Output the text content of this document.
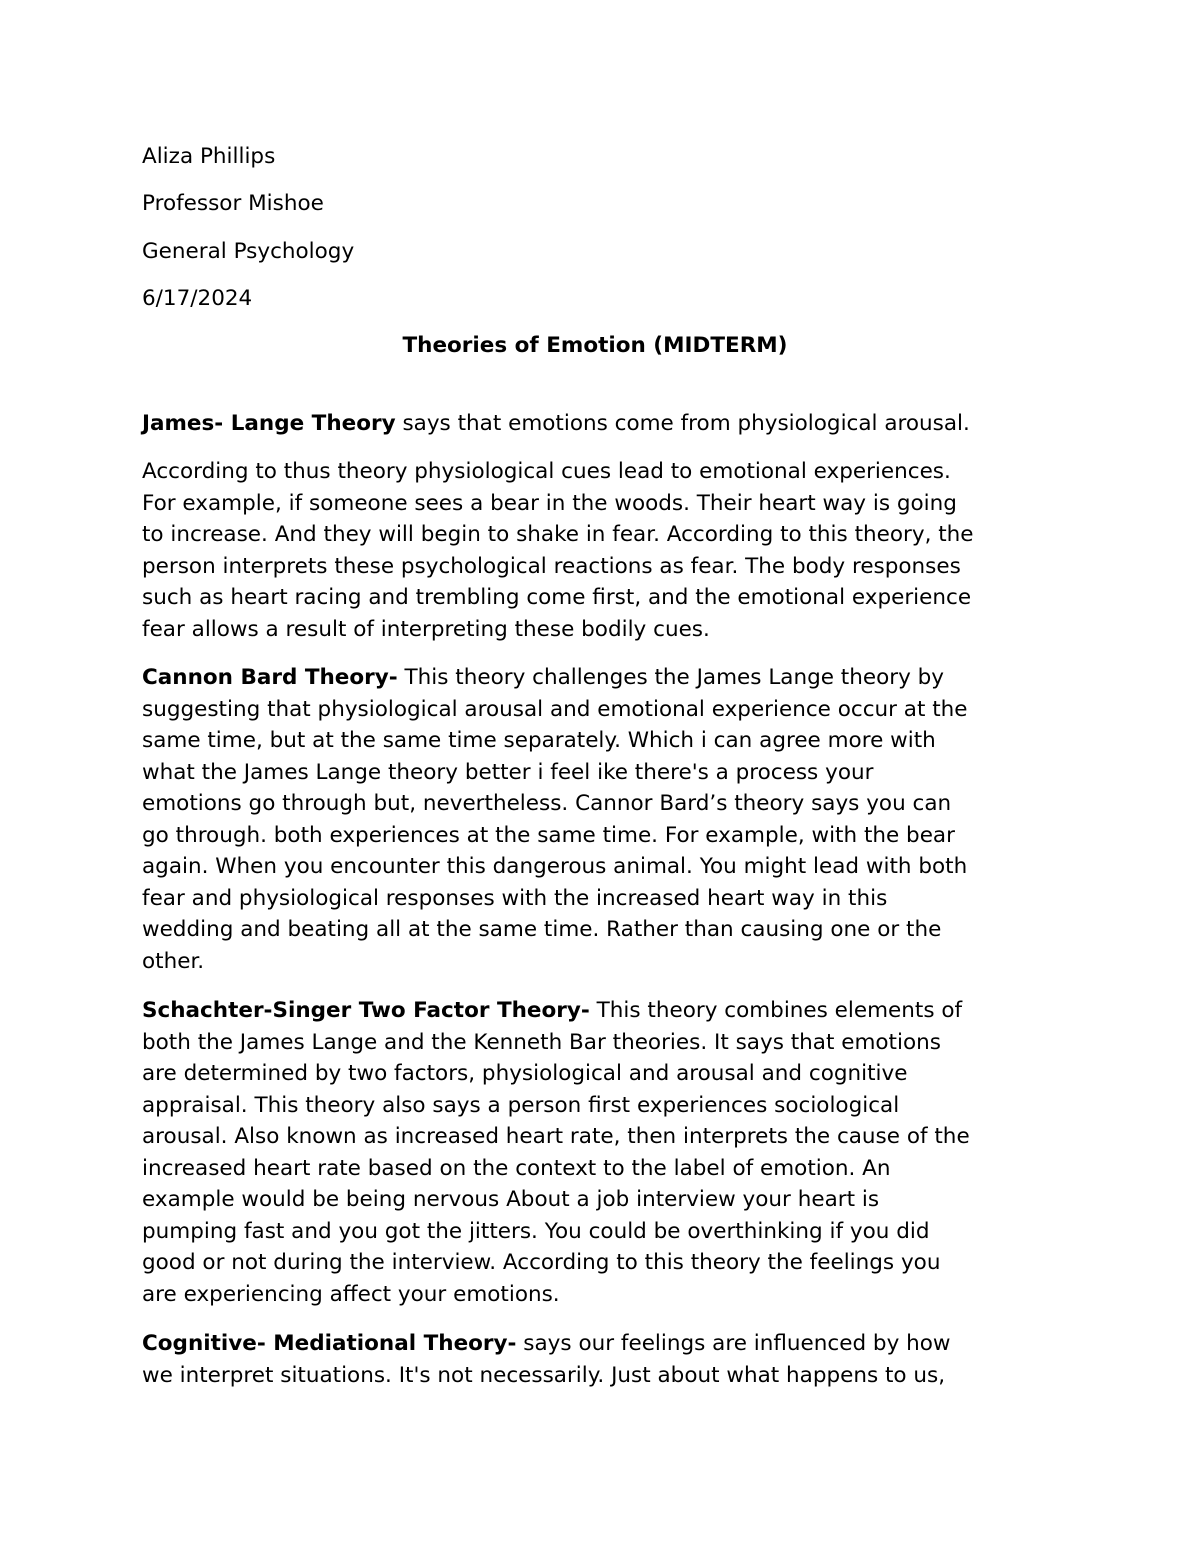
Aliza Phillips

Professor Mishoe

General Psychology

6/17/2024

Theories of Emotion (MIDTERM)

James- Lange Theory says that emotions come from physiological arousal.

According to thus theory physiological cues lead to emotional experiences.
For example, if someone sees a bear in the woods. Their heart way is going
to increase. And they will begin to shake in fear. According to this theory, the
person interprets these psychological reactions as fear. The body responses
such as heart racing and trembling come first, and the emotional experience
fear allows a result of interpreting these bodily cues.

Cannon Bard Theory- This theory challenges the James Lange theory by
suggesting that physiological arousal and emotional experience occur at the
same time, but at the same time separately. Which i can agree more with
what the James Lange theory better i feel ike there's a process your
emotions go through but, nevertheless. Cannor Bard’s theory says you can
go through. both experiences at the same time. For example, with the bear
again. When you encounter this dangerous animal. You might lead with both
fear and physiological responses with the increased heart way in this
wedding and beating all at the same time. Rather than causing one or the
other.

Schachter-Singer Two Factor Theory- This theory combines elements of
both the James Lange and the Kenneth Bar theories. It says that emotions
are determined by two factors, physiological and arousal and cognitive
appraisal. This theory also says a person first experiences sociological
arousal. Also known as increased heart rate, then interprets the cause of the
increased heart rate based on the context to the label of emotion. An
example would be being nervous About a job interview your heart is
pumping fast and you got the jitters. You could be overthinking if you did
good or not during the interview. According to this theory the feelings you
are experiencing affect your emotions.

Cognitive- Mediational Theory- says our feelings are influenced by how
we interpret situations. It's not necessarily. Just about what happens to us,
